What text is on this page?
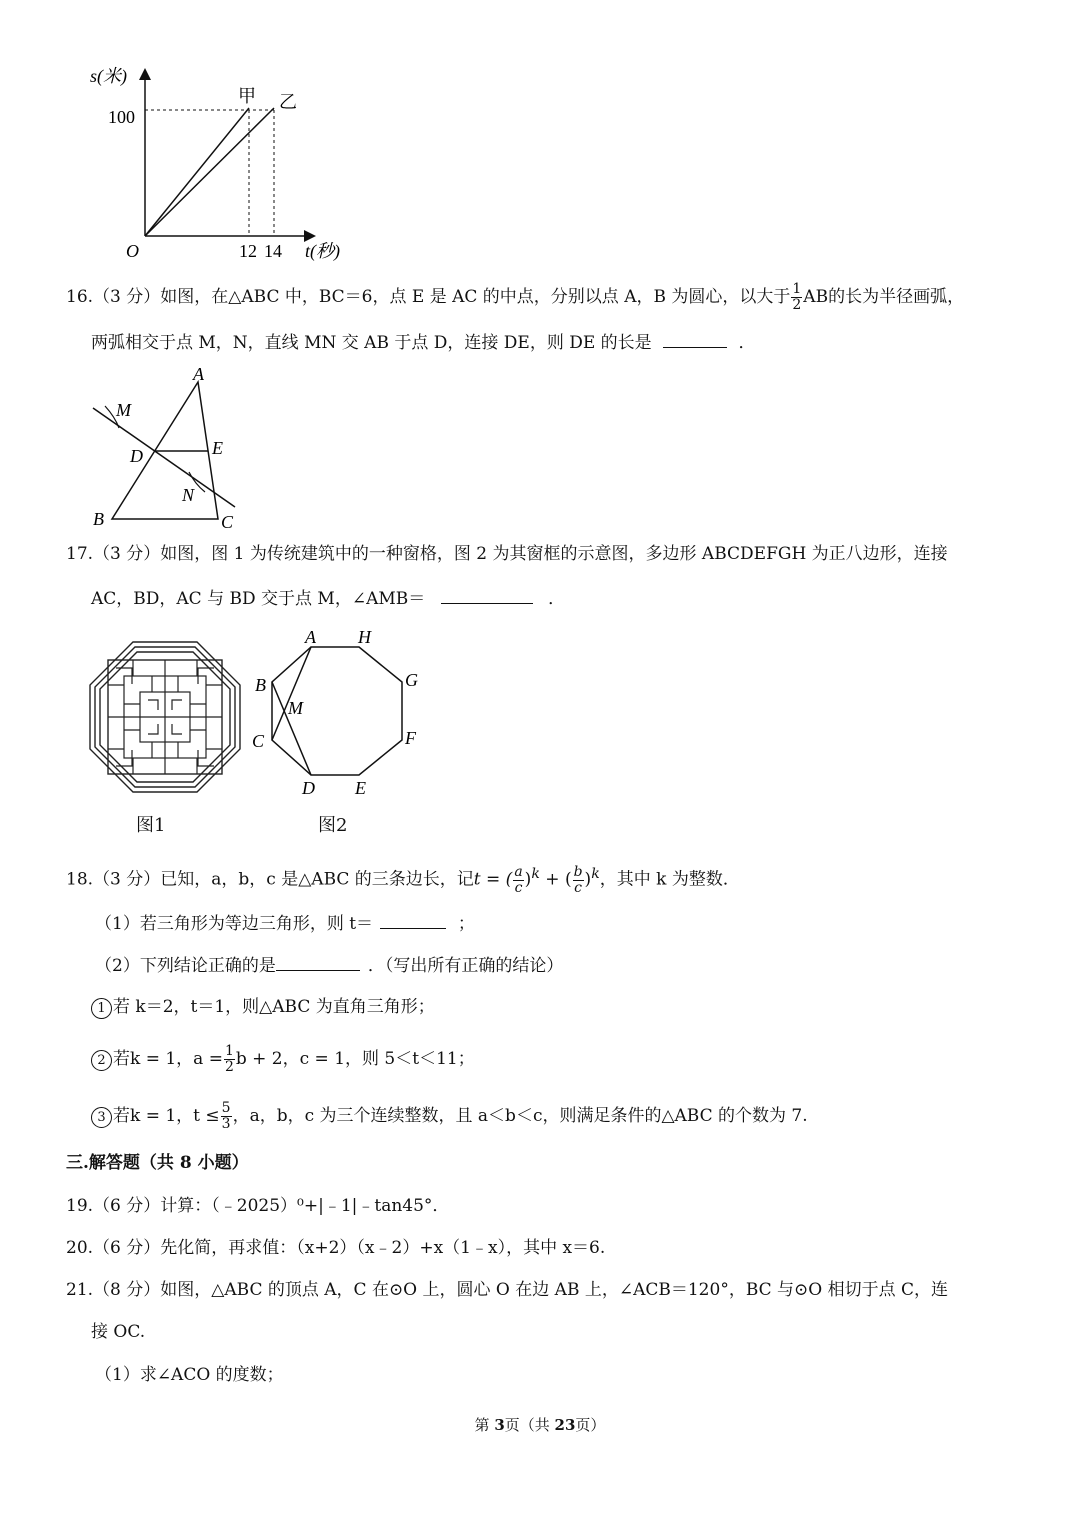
s(米)
100
O	12 14 t(秒)
甲 乙
16.（3 分）如图，在△ABC 中，BC＝6，点 E 是 AC 的中点，分别以点 A，B 为圆心，以大于 $\frac{1}{2}$ AB的长为半径画弧，
两弧相交于点 M，N，直线 MN 交 AB 于点 D，连接 DE，则 DE 的长是	．
A
M
D	E
N
B	C
17.（3 分）如图，图 1 为传统建筑中的一种窗格，图 2 为其窗框的示意图，多边形 ABCDEFGH 为正八边形，连接
AC，BD，AC 与 BD 交于点 M，∠AMB＝	．
图1
A H
B	G
M
C	F
D E
图2
18.（3 分）已知，a，b，c 是△ABC 的三条边长，记t = ( $\frac{a}{c} )^k$ + ( $\frac{b}{c} )^k$，其中 k 为整数．
（1）若三角形为等边三角形，则 t＝	；
（2）下列结论正确的是	．（写出所有正确的结论）
1 若 k＝2，t＝1，则△ABC 为直角三角形；
2 若k = 1，$a = \frac{1}{2}$ b + 2，c = 1，则 5＜t＜11；
3 若k = 1，$t \le \frac{5}{3}$ ，a，b，c 为三个连续整数，且 a＜b＜c，则满足条件的△ABC 的个数为 7.
三.解答题（共 8 小题）
19.（6 分）计算：（﹣2025）⁰+|﹣1|﹣tan45°．
20.（6 分）先化简，再求值：（x+2）（x﹣2）+x（1﹣x），其中 x＝6.
21.（8 分）如图，△ABC 的顶点 A，C 在⊙O 上，圆心 O 在边 AB 上，∠ACB＝120°，BC 与⊙O 相切于点 C，连
接 OC.
（1）求∠ACO 的度数；
第 3页（共 23页）
